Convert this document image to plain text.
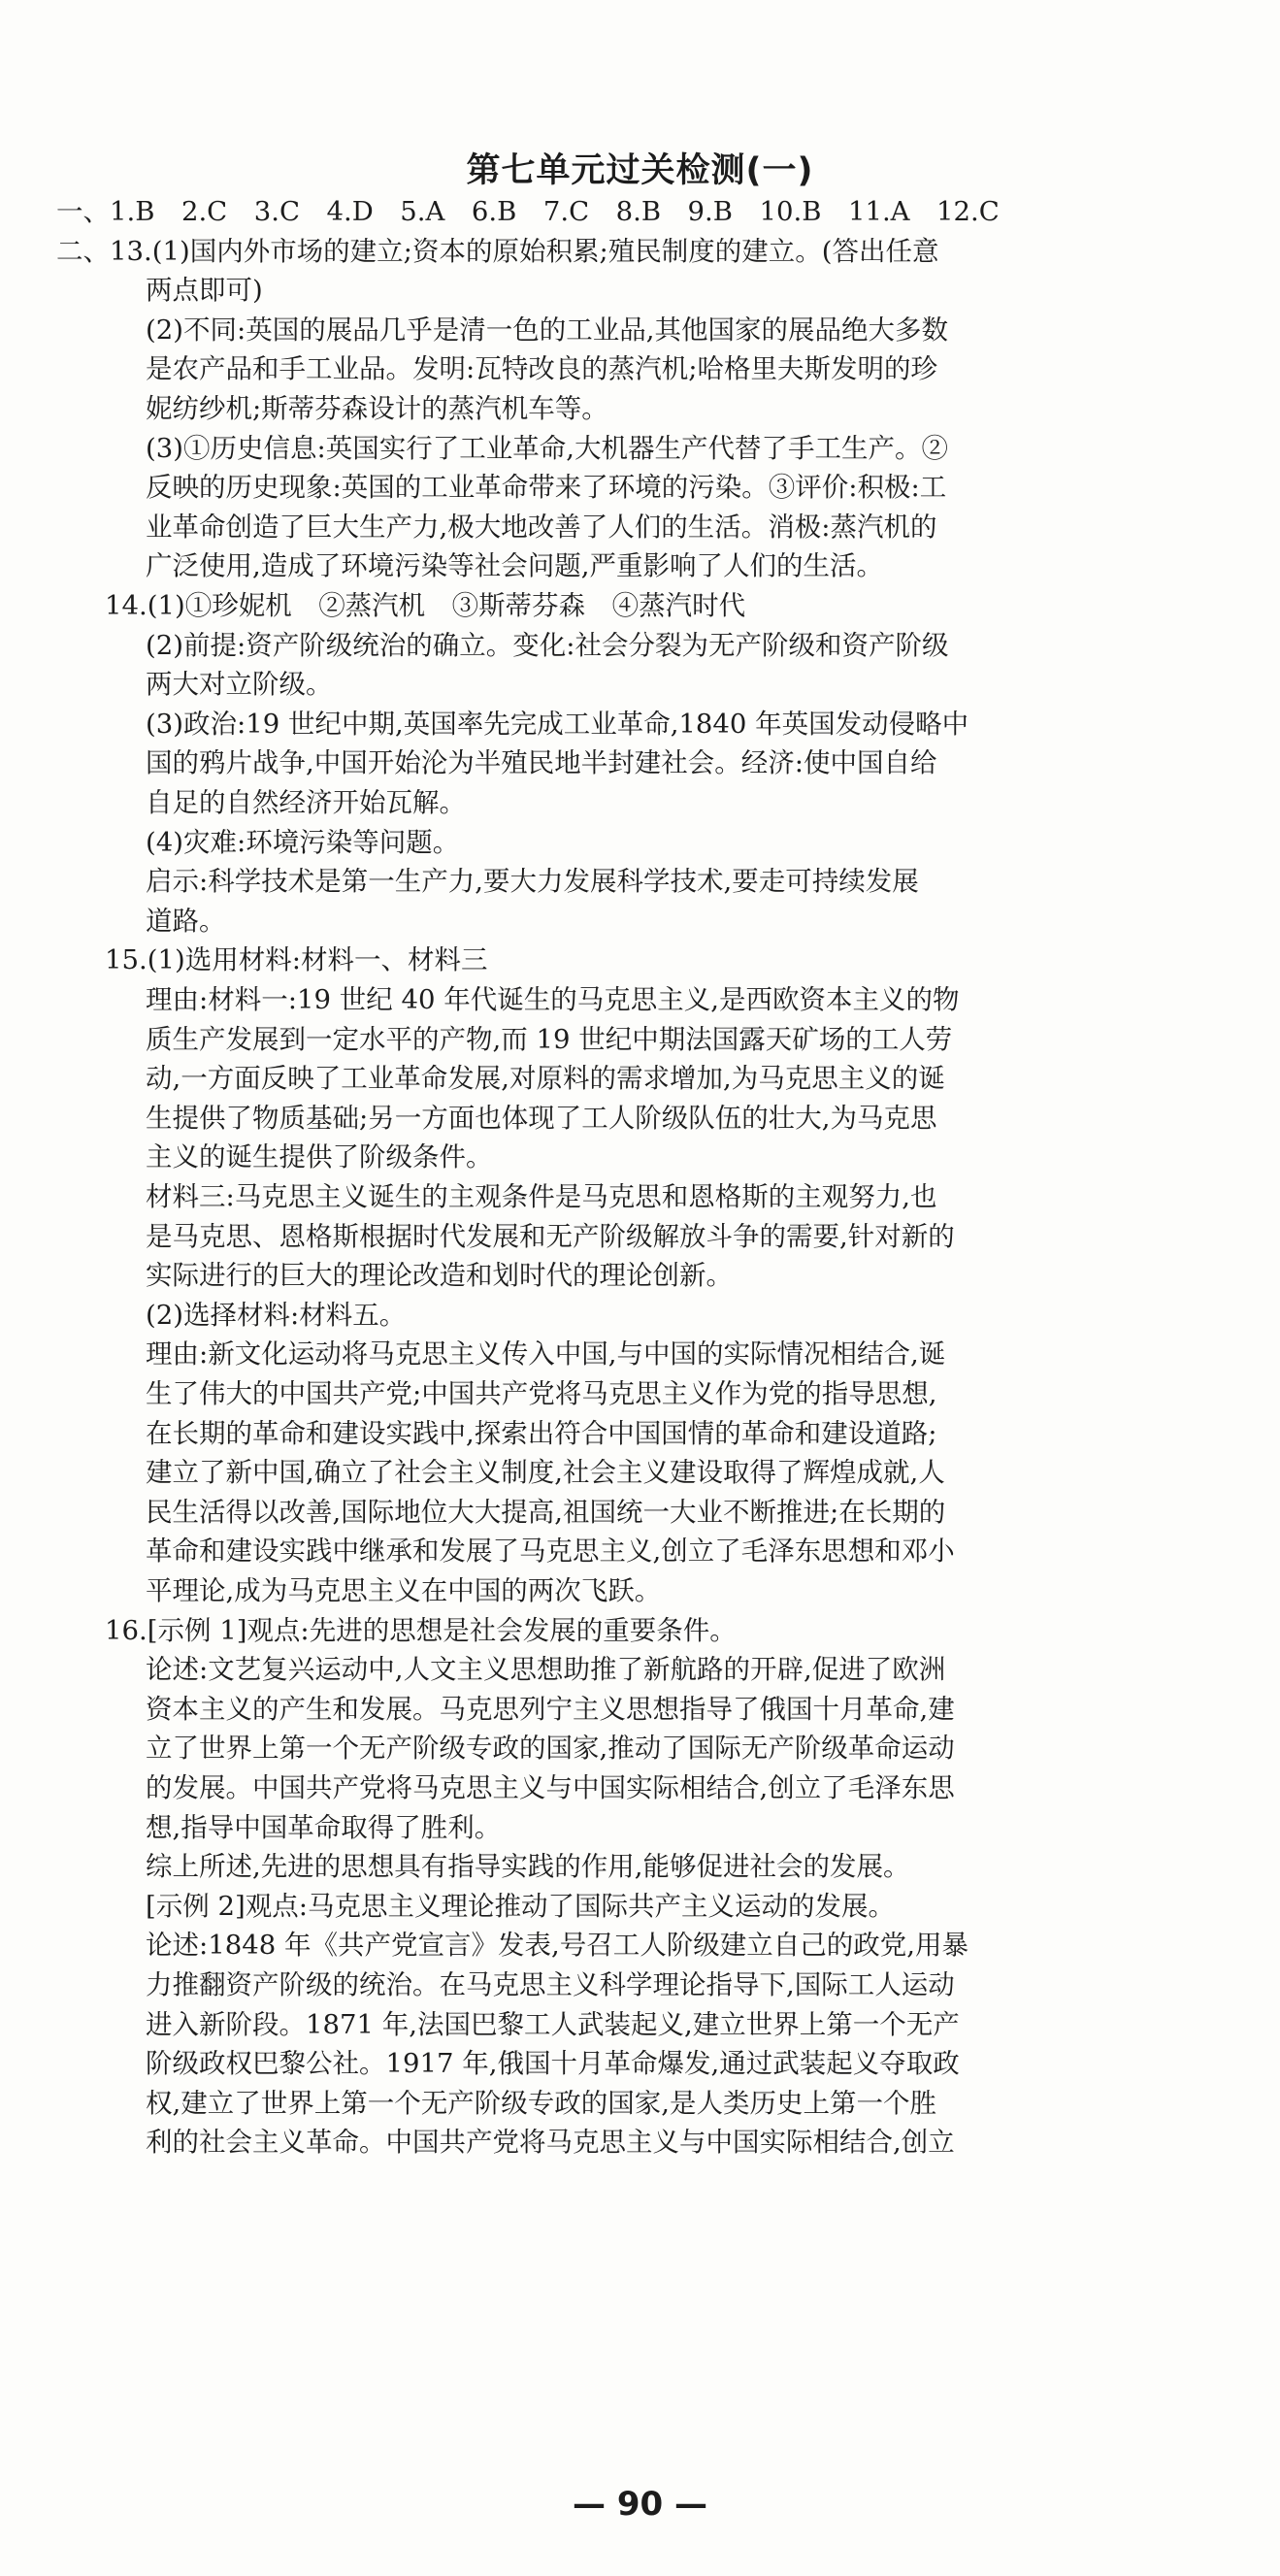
第七单元过关检测(一)
一、1.B　2.C　3.C　4.D　5.A　6.B　7.C　8.B　9.B　10.B　11.A　12.C
二、13.(1)国内外市场的建立;资本的原始积累;殖民制度的建立。(答出任意
两点即可)
(2)不同:英国的展品几乎是清一色的工业品,其他国家的展品绝大多数
是农产品和手工业品。发明:瓦特改良的蒸汽机;哈格里夫斯发明的珍
妮纺纱机;斯蒂芬森设计的蒸汽机车等。
(3)①历史信息:英国实行了工业革命,大机器生产代替了手工生产。②
反映的历史现象:英国的工业革命带来了环境的污染。③评价:积极:工
业革命创造了巨大生产力,极大地改善了人们的生活。消极:蒸汽机的
广泛使用,造成了环境污染等社会问题,严重影响了人们的生活。
14.(1)①珍妮机　②蒸汽机　③斯蒂芬森　④蒸汽时代
(2)前提:资产阶级统治的确立。变化:社会分裂为无产阶级和资产阶级
两大对立阶级。
(3)政治:19 世纪中期,英国率先完成工业革命,1840 年英国发动侵略中
国的鸦片战争,中国开始沦为半殖民地半封建社会。经济:使中国自给
自足的自然经济开始瓦解。
(4)灾难:环境污染等问题。
启示:科学技术是第一生产力,要大力发展科学技术,要走可持续发展
道路。
15.(1)选用材料:材料一、材料三
理由:材料一:19 世纪 40 年代诞生的马克思主义,是西欧资本主义的物
质生产发展到一定水平的产物,而 19 世纪中期法国露天矿场的工人劳
动,一方面反映了工业革命发展,对原料的需求增加,为马克思主义的诞
生提供了物质基础;另一方面也体现了工人阶级队伍的壮大,为马克思
主义的诞生提供了阶级条件。
材料三:马克思主义诞生的主观条件是马克思和恩格斯的主观努力,也
是马克思、恩格斯根据时代发展和无产阶级解放斗争的需要,针对新的
实际进行的巨大的理论改造和划时代的理论创新。
(2)选择材料:材料五。
理由:新文化运动将马克思主义传入中国,与中国的实际情况相结合,诞
生了伟大的中国共产党;中国共产党将马克思主义作为党的指导思想,
在长期的革命和建设实践中,探索出符合中国国情的革命和建设道路;
建立了新中国,确立了社会主义制度,社会主义建设取得了辉煌成就,人
民生活得以改善,国际地位大大提高,祖国统一大业不断推进;在长期的
革命和建设实践中继承和发展了马克思主义,创立了毛泽东思想和邓小
平理论,成为马克思主义在中国的两次飞跃。
16.[示例 1]观点:先进的思想是社会发展的重要条件。
论述:文艺复兴运动中,人文主义思想助推了新航路的开辟,促进了欧洲
资本主义的产生和发展。马克思列宁主义思想指导了俄国十月革命,建
立了世界上第一个无产阶级专政的国家,推动了国际无产阶级革命运动
的发展。中国共产党将马克思主义与中国实际相结合,创立了毛泽东思
想,指导中国革命取得了胜利。
综上所述,先进的思想具有指导实践的作用,能够促进社会的发展。
[示例 2]观点:马克思主义理论推动了国际共产主义运动的发展。
论述:1848 年《共产党宣言》发表,号召工人阶级建立自己的政党,用暴
力推翻资产阶级的统治。在马克思主义科学理论指导下,国际工人运动
进入新阶段。1871 年,法国巴黎工人武装起义,建立世界上第一个无产
阶级政权巴黎公社。1917 年,俄国十月革命爆发,通过武装起义夺取政
权,建立了世界上第一个无产阶级专政的国家,是人类历史上第一个胜
利的社会主义革命。中国共产党将马克思主义与中国实际相结合,创立
— 90 —
